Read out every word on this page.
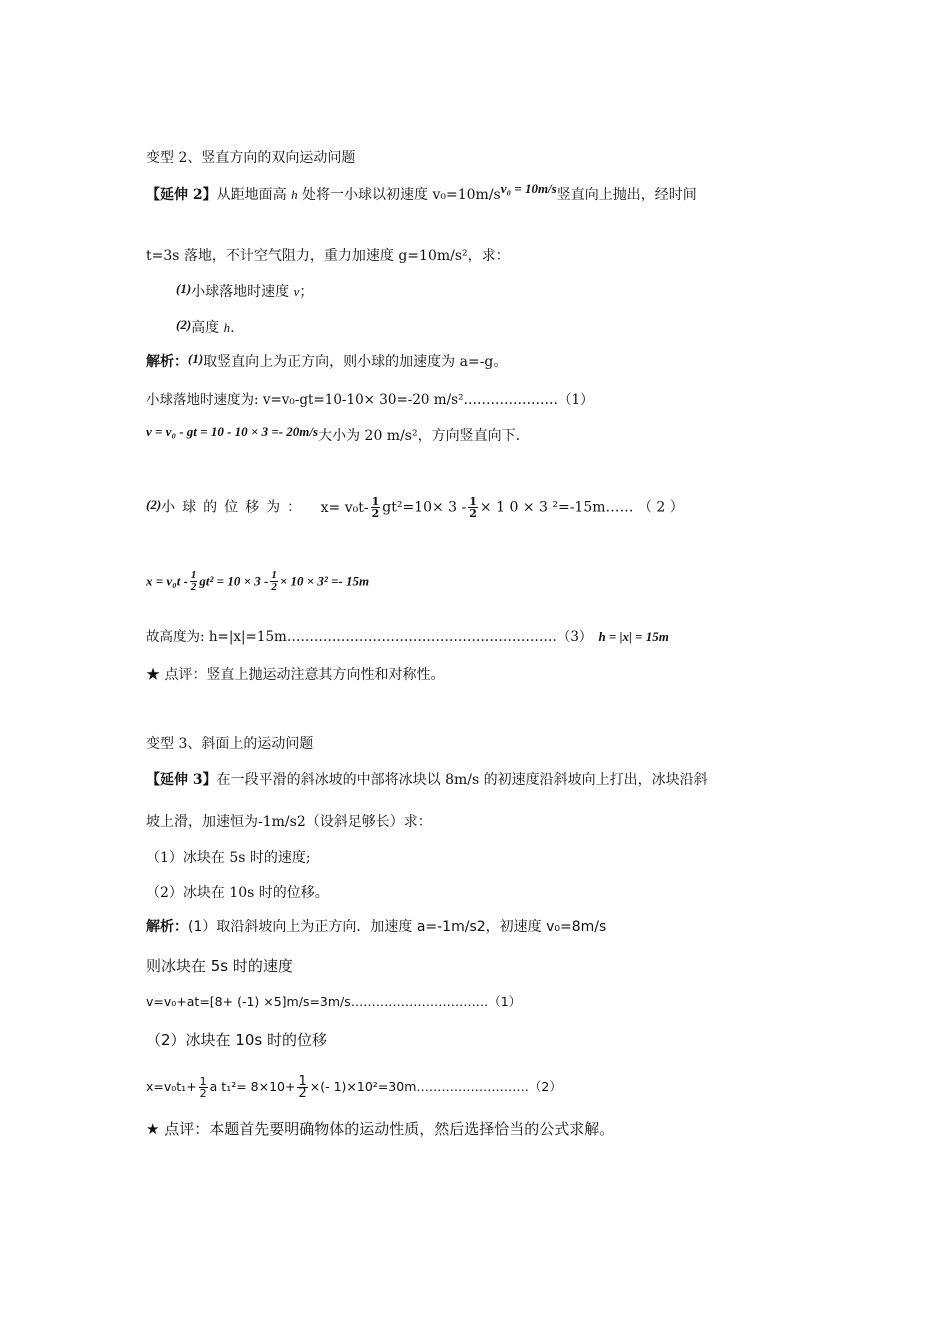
变型 2、竖直方向的双向运动问题
【延伸 2】从距地面高 h 处将一小球以初速度 v₀=10m/sv₀ = 10m/s竖直向上抛出，经时间
t=3s 落地，不计空气阻力，重力加速度 g=10m/s²，求：
(1)小球落地时速度 v；
(2)高度 h.
解析：(1)取竖直向上为正方向，则小球的加速度为 a=-g。
小球落地时速度为: v=v₀-gt=10-10× 30=-20 m/s²…………………（1）
v = v₀ - gt = 10 - 10 × 3 =- 20m/s大小为 20 m/s²，方向竖直向下.
(2)小球的位移为： $x= v_0t- \frac{1}{2} gt^2=10\times 3 - \frac{1}{2} \times 1$ 0 × 3 ²=-15m…… （ 2 ）
$x = v_0t - \frac{1}{2} gt^2 = 10 \times 3 - \frac{1}{2} \times 10 \times 3^2 =- 15m$
故高度为: h=|x|=15m……………………………………………………（3） h = |x| = 15m
★ 点评：竖直上抛运动注意其方向性和对称性。
变型 3、斜面上的运动问题
【延伸 3】在一段平滑的斜冰坡的中部将冰块以 8m/s 的初速度沿斜坡向上打出，冰块沿斜
坡上滑，加速恒为-1m/s2（设斜足够长）求：
（1）冰块在 5s 时的速度;
（2）冰块在 10s 时的位移。
解析：(1）取沿斜坡向上为正方向．加速度 a=-1m/s2，初速度 v₀=8m/s
则冰块在 5s 时的速度
v=v₀+at=[8+ (-1) ×5]m/s=3m/s……………………………（1）
（2）冰块在 10s 时的位移
$x=v_0t_1+ \frac{1}{2}$ a $t_1^2= 8\times 10+ \frac{1}{2}$ ×(- 1)×10²=30m………………………（2）
★ 点评：本题首先要明确物体的运动性质，然后选择恰当的公式求解。
